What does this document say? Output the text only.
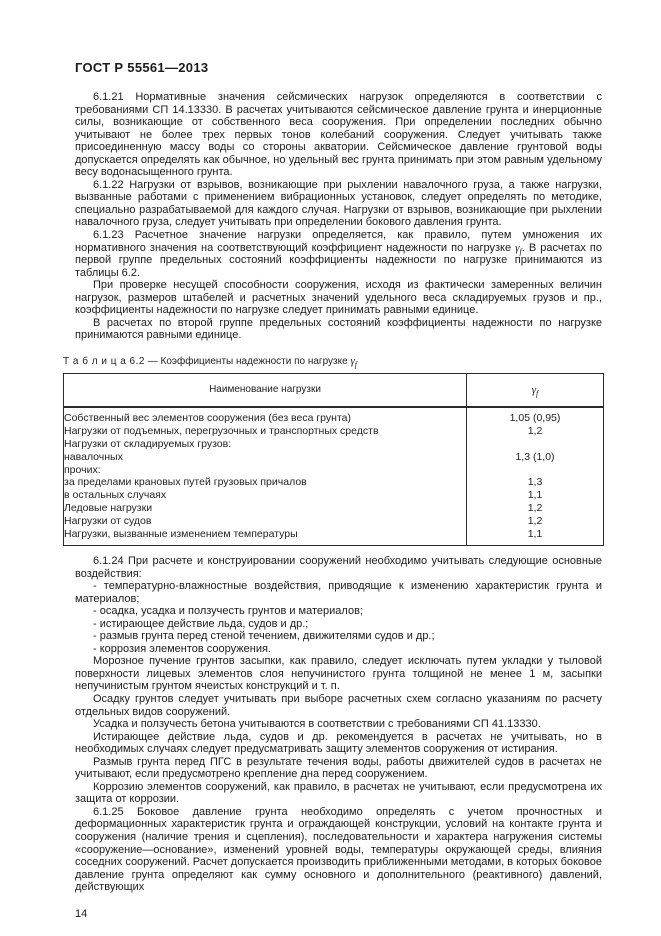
ГОСТ Р 55561—2013

6.1.21 Нормативные значения сейсмических нагрузок определяются в соответствии с требованиями СП 14.13330. В расчетах учитываются сейсмическое давление грунта и инерционные силы, возникающие от собственного веса сооружения. При определении последних обычно учитывают не более трех первых тонов колебаний сооружения. Следует учитывать также присоединенную массу воды со стороны акватории. Сейсмическое давление грунтовой воды допускается определять как обычное, но удельный вес грунта принимать при этом равным удельному весу водонасыщенного грунта.

6.1.22 Нагрузки от взрывов, возникающие при рыхлении навалочного груза, а также нагрузки, вызванные работами с применением вибрационных установок, следует определять по методике, специально разрабатываемой для каждого случая. Нагрузки от взрывов, возникающие при рыхлении навалочного груза, следует учитывать при определении бокового давления грунта.

6.1.23 Расчетное значение нагрузки определяется, как правило, путем умножения их нормативного значения на соответствующий коэффициент надежности по нагрузке $\gamma_f$. В расчетах по первой группе предельных состояний коэффициенты надежности по нагрузке принимаются из таблицы 6.2.

При проверке несущей способности сооружения, исходя из фактически замеренных величин нагрузок, размеров штабелей и расчетных значений удельного веса складируемых грузов и пр., коэффициенты надежности по нагрузке следует принимать равными единице.

В расчетах по второй группе предельных состояний коэффициенты надежности по нагрузке принимаются равными единице.

Т а б л и ц а 6.2 — Коэффициенты надежности по нагрузке $\gamma_f$
Наименование нагрузки	$\gamma_f$
Собственный вес элементов сооружения (без веса грунта)	1,05 (0,95)
Нагрузки от подъемных, перегрузочных и транспортных средств	1,2
Нагрузки от складируемых грузов:	
навалочных	1,3 (1,0)
прочих:	
за пределами крановых путей грузовых причалов	1,3
в остальных случаях	1,1
Ледовые нагрузки	1,2
Нагрузки от судов	1,2
Нагрузки, вызванные изменением температуры	1,1

6.1.24 При расчете и конструировании сооружений необходимо учитывать следующие основные воздействия:

- температурно-влажностные воздействия, приводящие к изменению характеристик грунта и материалов;

- осадка, усадка и ползучесть грунтов и материалов;

- истирающее действие льда, судов и др.;

- размыв грунта перед стеной течением, движителями судов и др.;

- коррозия элементов сооружения.

Морозное пучение грунтов засыпки, как правило, следует исключать путем укладки у тыловой поверхности лицевых элементов слоя непучинистого грунта толщиной не менее 1 м, засыпки непучинистым грунтом ячеистых конструкций и т. п.

Осадку грунтов следует учитывать при выборе расчетных схем согласно указаниям по расчету отдельных видов сооружений.

Усадка и ползучесть бетона учитываются в соответствии с требованиями СП 41.13330.

Истирающее действие льда, судов и др. рекомендуется в расчетах не учитывать, но в необходимых случаях следует предусматривать защиту элементов сооружения от истирания.

Размыв грунта перед ПГС в результате течения воды, работы движителей судов в расчетах не учитывают, если предусмотрено крепление дна перед сооружением.

Коррозию элементов сооружений, как правило, в расчетах не учитывают, если предусмотрена их защита от коррозии.

6.1.25 Боковое давление грунта необходимо определять с учетом прочностных и деформационных характеристик грунта и ограждающей конструкции, условий на контакте грунта и сооружения (наличие трения и сцепления), последовательности и характера нагружения системы «сооружение—основание», изменений уровней воды, температуры окружающей среды, влияния соседних сооружений. Расчет допускается производить приближенными методами, в которых боковое давление грунта определяют как сумму основного и дополнительного (реактивного) давлений, действующих

14
